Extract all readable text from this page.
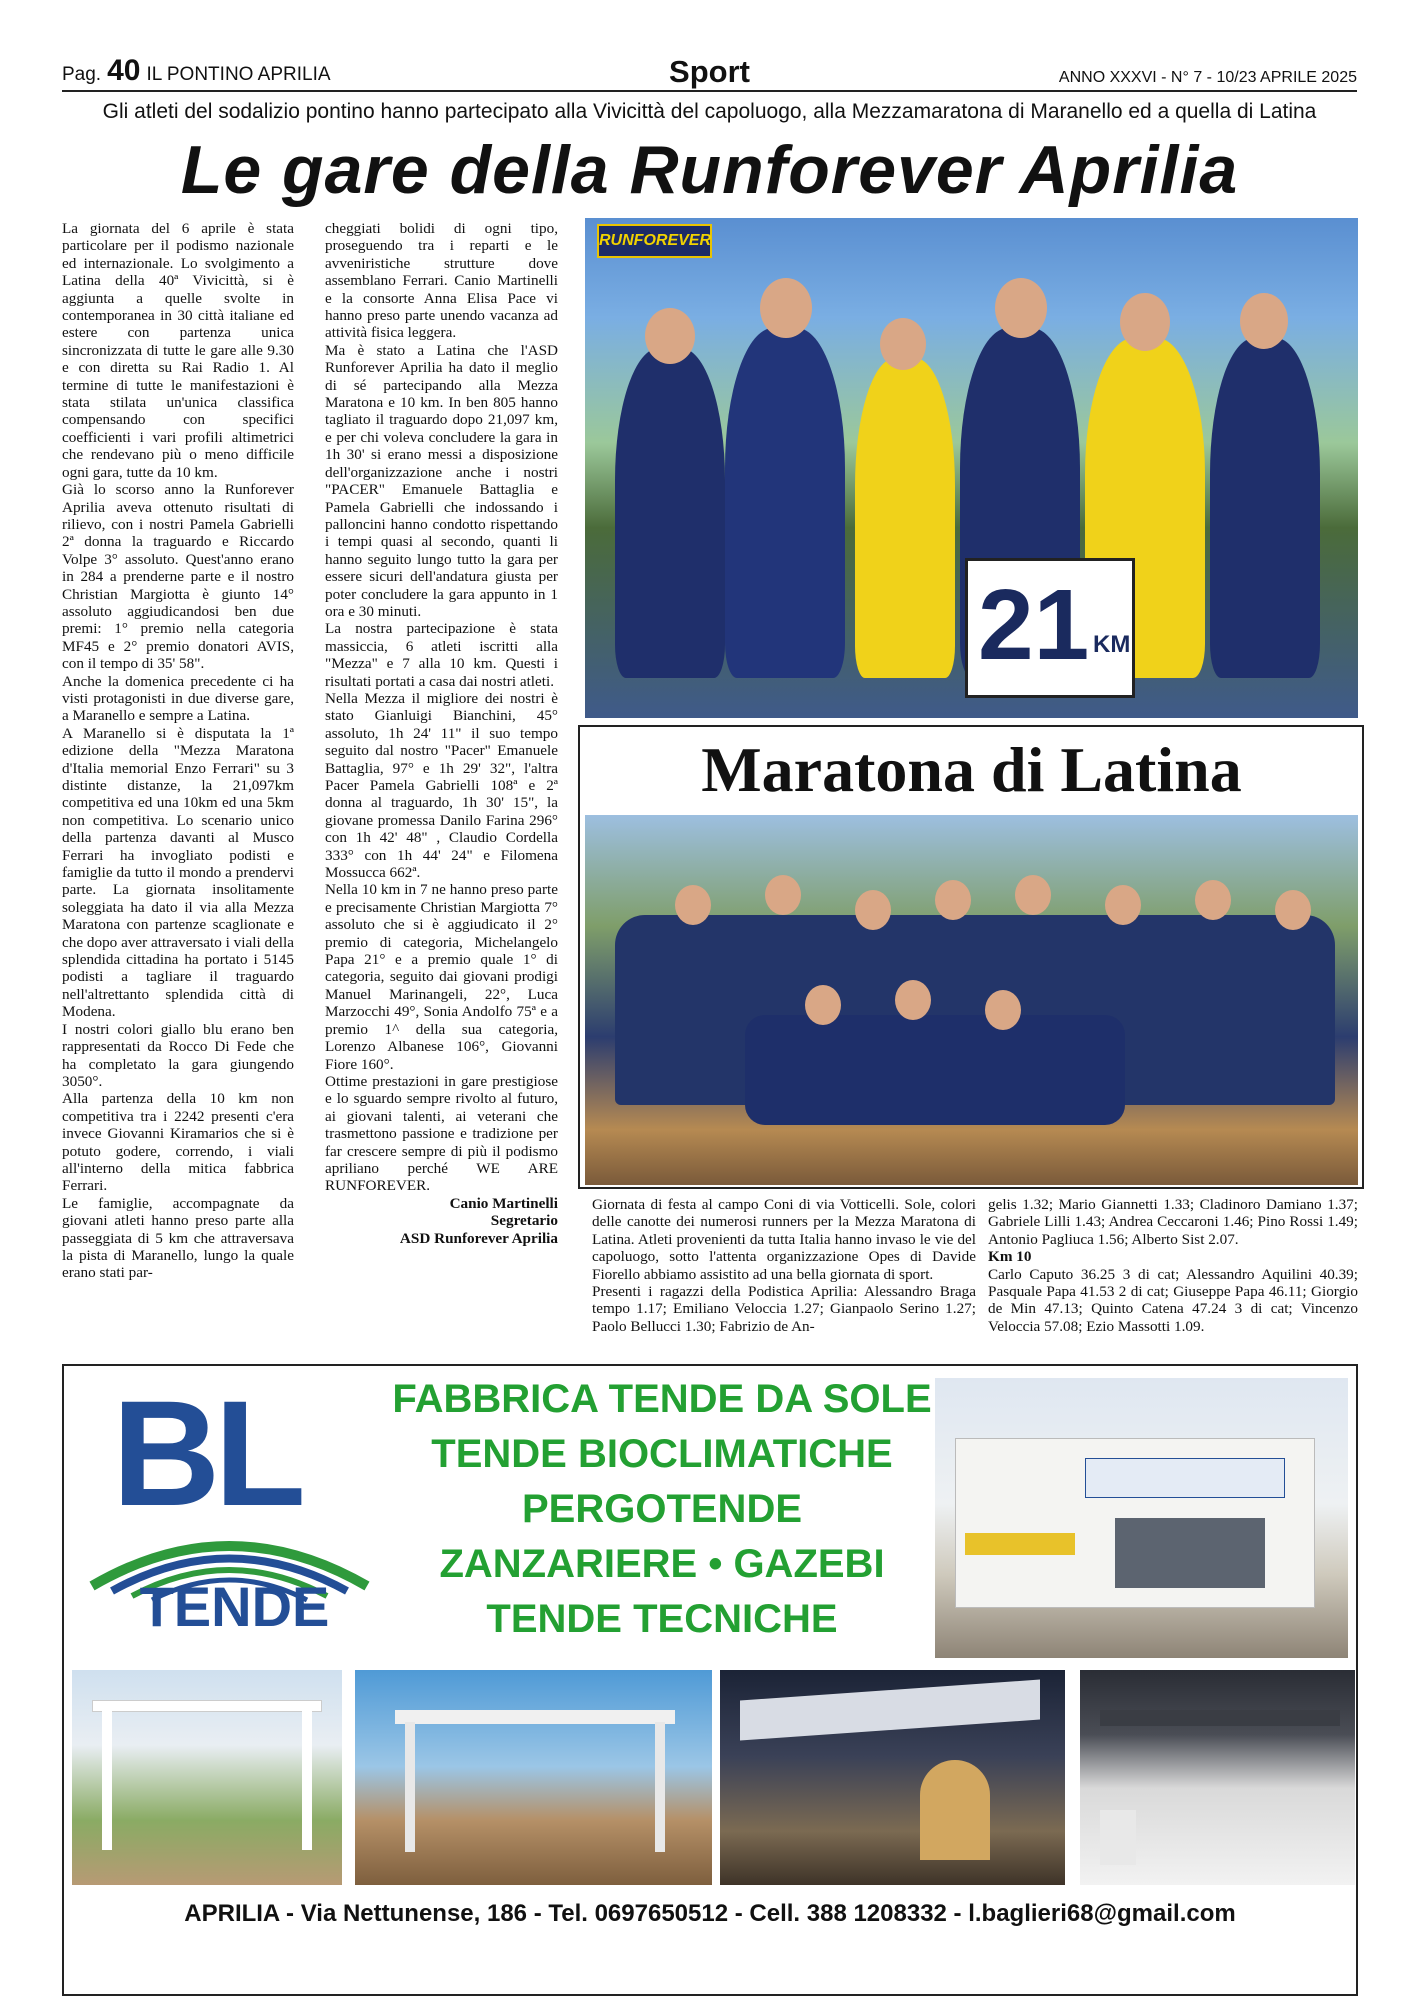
Pag. 40 IL PONTINO APRILIA	Sport	ANNO XXXVI - N° 7 - 10/23 APRILE 2025
Gli atleti del sodalizio pontino hanno partecipato alla Vivicittà del capoluogo, alla Mezzamaratona di Maranello ed a quella di Latina
Le gare della Runforever Aprilia

La giornata del 6 aprile è stata particolare per il podismo nazionale ed internazionale. Lo svolgimento a Latina della 40ª Vivicittà, si è aggiunta a quelle svolte in contemporanea in 30 città italiane ed estere con partenza unica sincronizzata di tutte le gare alle 9.30 e con diretta su Rai Radio 1. Al termine di tutte le manifestazioni è stata stilata un'unica classifica compensando con specifici coefficienti i vari profili altimetrici che rendevano più o meno difficile ogni gara, tutte da 10 km.

Già lo scorso anno la Runforever Aprilia aveva ottenuto risultati di rilievo, con i nostri Pamela Gabrielli 2ª donna la traguardo e Riccardo Volpe 3° assoluto. Quest'anno erano in 284 a prenderne parte e il nostro Christian Margiotta è giunto 14° assoluto aggiudicandosi ben due premi: 1° premio nella categoria MF45 e 2° premio donatori AVIS, con il tempo di 35' 58".

Anche la domenica precedente ci ha visti protagonisti in due diverse gare, a Maranello e sempre a Latina.

A Maranello si è disputata la 1ª edizione della "Mezza Maratona d'Italia memorial Enzo Ferrari" su 3 distinte distanze, la 21,097km competitiva ed una 10km ed una 5km non competitiva. Lo scenario unico della partenza davanti al Musco Ferrari ha invogliato podisti e famiglie da tutto il mondo a prendervi parte. La giornata insolitamente soleggiata ha dato il via alla Mezza Maratona con partenze scaglionate e che dopo aver attraversato i viali della splendida cittadina ha portato i 5145 podisti a tagliare il traguardo nell'altrettanto splendida città di Modena.

I nostri colori giallo blu erano ben rappresentati da Rocco Di Fede che ha completato la gara giungendo 3050°.

Alla partenza della 10 km non competitiva tra i 2242 presenti c'era invece Giovanni Kiramarios che si è potuto godere, correndo, i viali all'interno della mitica fabbrica Ferrari.

Le famiglie, accompagnate da giovani atleti hanno preso parte alla passeggiata di 5 km che attraversava la pista di Maranello, lungo la quale erano stati par-

cheggiati bolidi di ogni tipo, proseguendo tra i reparti e le avveniristiche strutture dove assemblano Ferrari. Canio Martinelli e la consorte Anna Elisa Pace vi hanno preso parte unendo vacanza ad attività fisica leggera.

Ma è stato a Latina che l'ASD Runforever Aprilia ha dato il meglio di sé partecipando alla Mezza Maratona e 10 km. In ben 805 hanno tagliato il traguardo dopo 21,097 km, e per chi voleva concludere la gara in 1h 30' si erano messi a disposizione dell'organizzazione anche i nostri "PACER" Emanuele Battaglia e Pamela Gabrielli che indossando i palloncini hanno condotto rispettando i tempi quasi al secondo, quanti li hanno seguito lungo tutto la gara per essere sicuri dell'andatura giusta per poter concludere la gara appunto in 1 ora e 30 minuti.

La nostra partecipazione è stata massiccia, 6 atleti iscritti alla "Mezza" e 7 alla 10 km. Questi i risultati portati a casa dai nostri atleti.

Nella Mezza il migliore dei nostri è stato Gianluigi Bianchini, 45° assoluto, 1h 24' 11" il suo tempo seguito dal nostro "Pacer" Emanuele Battaglia, 97° e 1h 29' 32", l'altra Pacer Pamela Gabrielli 108ª e 2ª donna al traguardo, 1h 30' 15", la giovane promessa Danilo Farina 296° con 1h 42' 48" , Claudio Cordella 333° con 1h 44' 24" e Filomena Mossucca 662ª.

Nella 10 km in 7 ne hanno preso parte e precisamente Christian Margiotta 7° assoluto che si è aggiudicato il 2° premio di categoria, Michelangelo Papa 21° e a premio quale 1° di categoria, seguito dai giovani prodigi Manuel Marinangeli, 22°, Luca Marzocchi 49°, Sonia Andolfo 75ª e a premio 1^ della sua categoria, Lorenzo Albanese 106°, Giovanni Fiore 160°.

Ottime prestazioni in gare prestigiose e lo sguardo sempre rivolto al futuro, ai giovani talenti, ai veterani che trasmettono passione e tradizione per far crescere sempre di più il podismo apriliano perché WE ARE RUNFOREVER.

Canio Martinelli

Segretario

ASD Runforever Aprilia

RUNFOREVER
21 KM
Maratona di Latina

Giornata di festa al campo Coni di via Votticelli. Sole, colori delle canotte dei numerosi runners per la Mezza Maratona di Latina. Atleti provenienti da tutta Italia hanno invaso le vie del capoluogo, sotto l'attenta organizzazione Opes di Davide Fiorello abbiamo assistito ad una bella giornata di sport.

Presenti i ragazzi della Podistica Aprilia: Alessandro Braga tempo 1.17; Emiliano Veloccia 1.27; Gianpaolo Serino 1.27; Paolo Bellucci 1.30; Fabrizio de An-

gelis 1.32; Mario Giannetti 1.33; Cladinoro Damiano 1.37; Gabriele Lilli 1.43; Andrea Ceccaroni 1.46; Pino Rossi 1.49; Antonio Pagliuca 1.56; Alberto Sist 2.07.

Km 10

Carlo Caputo 36.25 3 di cat; Alessandro Aquilini 40.39; Pasquale Papa 41.53 2 di cat; Giuseppe Papa 46.11; Giorgio de Min 47.13; Quinto Catena 47.24 3 di cat; Vincenzo Veloccia 57.08; Ezio Massotti 1.09.

BL
TENDE
FABBRICA TENDE DA SOLE
TENDE BIOCLIMATICHE
PERGOTENDE
ZANZARIERE • GAZEBI
TENDE TECNICHE
APRILIA - Via Nettunense, 186 - Tel. 0697650512 - Cell. 388 1208332 - l.baglieri68@gmail.com
